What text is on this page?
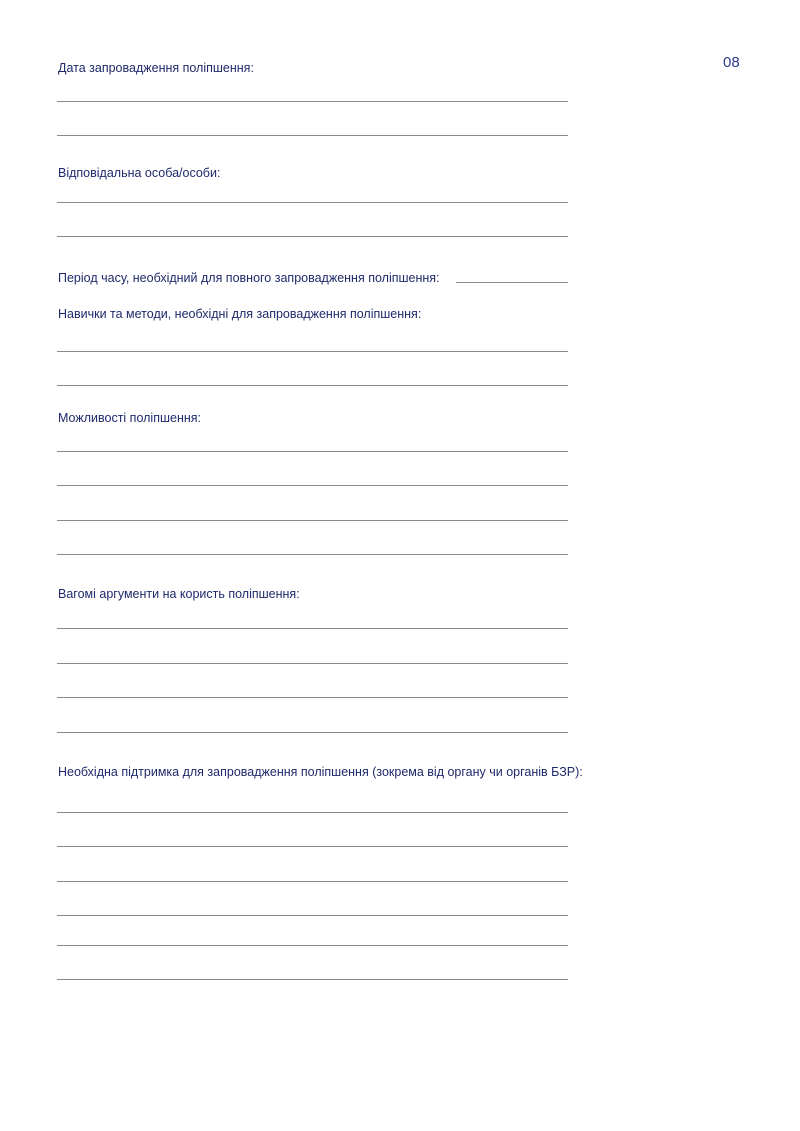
08
Дата запровадження поліпшення:
Відповідальна особа/особи:
Період часу, необхідний для повного запровадження поліпшення:
Навички та методи, необхідні для запровадження поліпшення:
Можливості поліпшення:
Вагомі аргументи на користь поліпшення:
Необхідна підтримка для запровадження поліпшення (зокрема від органу чи органів БЗР):
